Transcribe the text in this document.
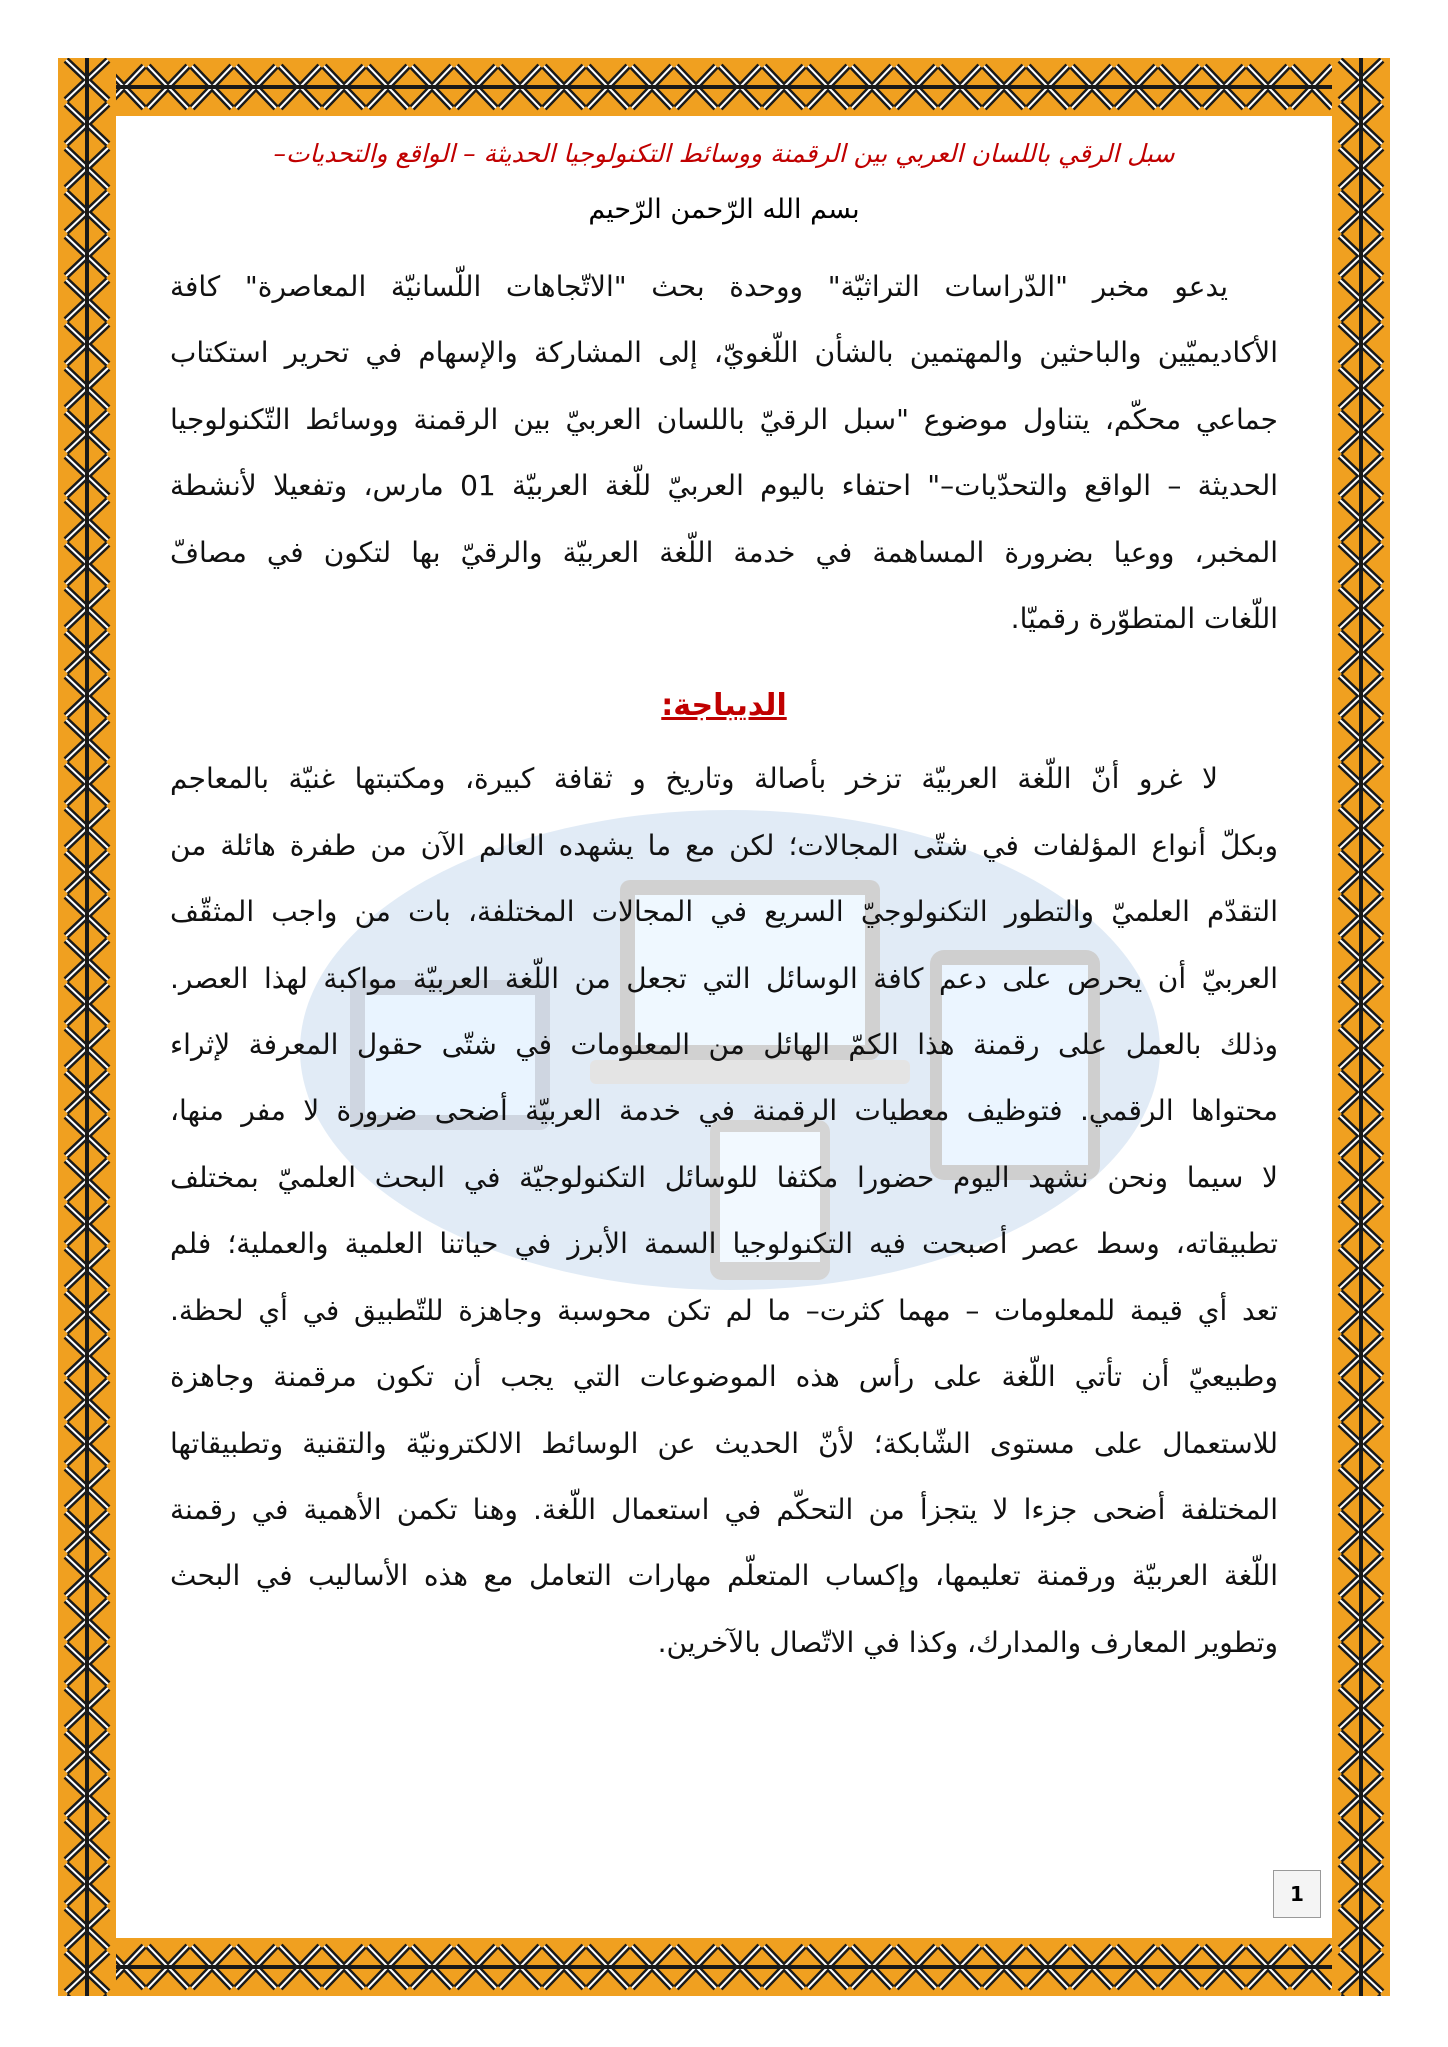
سبل الرقي باللسان العربي بين الرقمنة ووسائط التكنولوجيا الحديثة – الواقع والتحديات–

بسم الله الرّحمن الرّحيم

يدعو مخبر "الدّراسات التراثيّة" ووحدة بحث "الاتّجاهات اللّسانيّة المعاصرة" كافة
الأكاديميّين والباحثين والمهتمين بالشأن اللّغويّ، إلى المشاركة والإسهام في تحرير استكتاب
جماعي محكّم، يتناول موضوع "سبل الرقيّ باللسان العربيّ بين الرقمنة ووسائط التّكنولوجيا
الحديثة – الواقع والتحدّيات–" احتفاء باليوم العربيّ للّغة العربيّة 01 مارس، وتفعيلا لأنشطة
المخبر، ووعيا بضرورة المساهمة في خدمة اللّغة العربيّة والرقيّ بها لتكون في مصافّ
اللّغات المتطوّرة رقميّا.
الديباجة:
لا غرو أنّ اللّغة العربيّة تزخر بأصالة وتاريخ و ثقافة كبيرة، ومكتبتها غنيّة بالمعاجم
وبكلّ أنواع المؤلفات في شتّى المجالات؛ لكن مع ما يشهده العالم الآن من طفرة هائلة من
التقدّم العلميّ والتطور التكنولوجيّ السريع في المجالات المختلفة، بات من واجب المثقّف
العربيّ أن يحرص على دعم كافة الوسائل التي تجعل من اللّغة العربيّة مواكبة لهذا العصر.
وذلك بالعمل على رقمنة هذا الكمّ الهائل من المعلومات في شتّى حقول المعرفة لإثراء
محتواها الرقمي. فتوظيف معطيات الرقمنة في خدمة العربيّة أضحى ضرورة لا مفر منها،
لا سيما ونحن نشهد اليوم حضورا مكثفا للوسائل التكنولوجيّة في البحث العلميّ بمختلف
تطبيقاته، وسط عصر أصبحت فيه التكنولوجيا السمة الأبرز في حياتنا العلمية والعملية؛ فلم
تعد أي قيمة للمعلومات – مهما كثرت– ما لم تكن محوسبة وجاهزة للتّطبيق في أي لحظة.
وطبيعيّ أن تأتي اللّغة على رأس هذه الموضوعات التي يجب أن تكون مرقمنة وجاهزة
للاستعمال على مستوى الشّابكة؛ لأنّ الحديث عن الوسائط الالكترونيّة والتقنية وتطبيقاتها
المختلفة أضحى جزءا لا يتجزأ من التحكّم في استعمال اللّغة. وهنا تكمن الأهمية في رقمنة
اللّغة العربيّة ورقمنة تعليمها، وإكساب المتعلّم مهارات التعامل مع هذه الأساليب في البحث
وتطوير المعارف والمدارك، وكذا في الاتّصال بالآخرين.
1
